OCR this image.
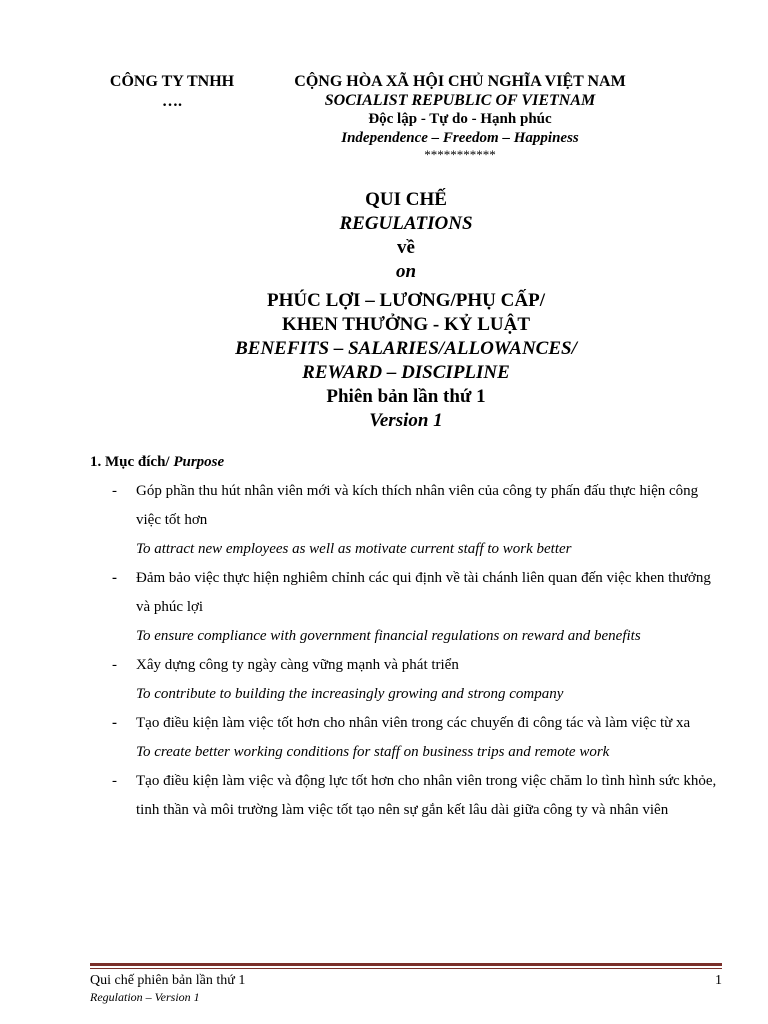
CÔNG TY TNHH
….
CỘNG HÒA XÃ HỘI CHỦ NGHĨA VIỆT NAM
SOCIALIST REPUBLIC OF VIETNAM
Độc lập - Tự do - Hạnh phúc
Independence – Freedom – Happiness
***********
QUI CHẾ
REGULATIONS
về
on
PHÚC LỢI – LƯƠNG/PHỤ CẤP/
KHEN THƯỞNG - KỶ LUẬT
BENEFITS – SALARIES/ALLOWANCES/
REWARD – DISCIPLINE
Phiên bản lần thứ 1
Version 1
1. Mục đích/ Purpose
- Góp phần thu hút nhân viên mới và kích thích nhân viên của công ty phấn đấu thực hiện công việc tốt hơn
To attract new employees as well as motivate current staff to work better
- Đảm bảo việc thực hiện nghiêm chỉnh các qui định về tài chánh liên quan đến việc khen thưởng và phúc lợi
To ensure compliance with government financial regulations on reward and benefits
- Xây dựng công ty ngày càng vững mạnh và phát triển
To contribute to building the increasingly growing and strong company
- Tạo điều kiện làm việc tốt hơn cho nhân viên trong các chuyến đi công tác và làm việc từ xa
To create better working conditions for staff on business trips and remote work
- Tạo điều kiện làm việc và động lực tốt hơn cho nhân viên trong việc chăm lo tình hình sức khỏe, tinh thần và môi trường làm việc tốt tạo nên sự gắn kết lâu dài giữa công ty và nhân viên
Qui chế phiên bản lần thứ 1
Regulation – Version 1
1
